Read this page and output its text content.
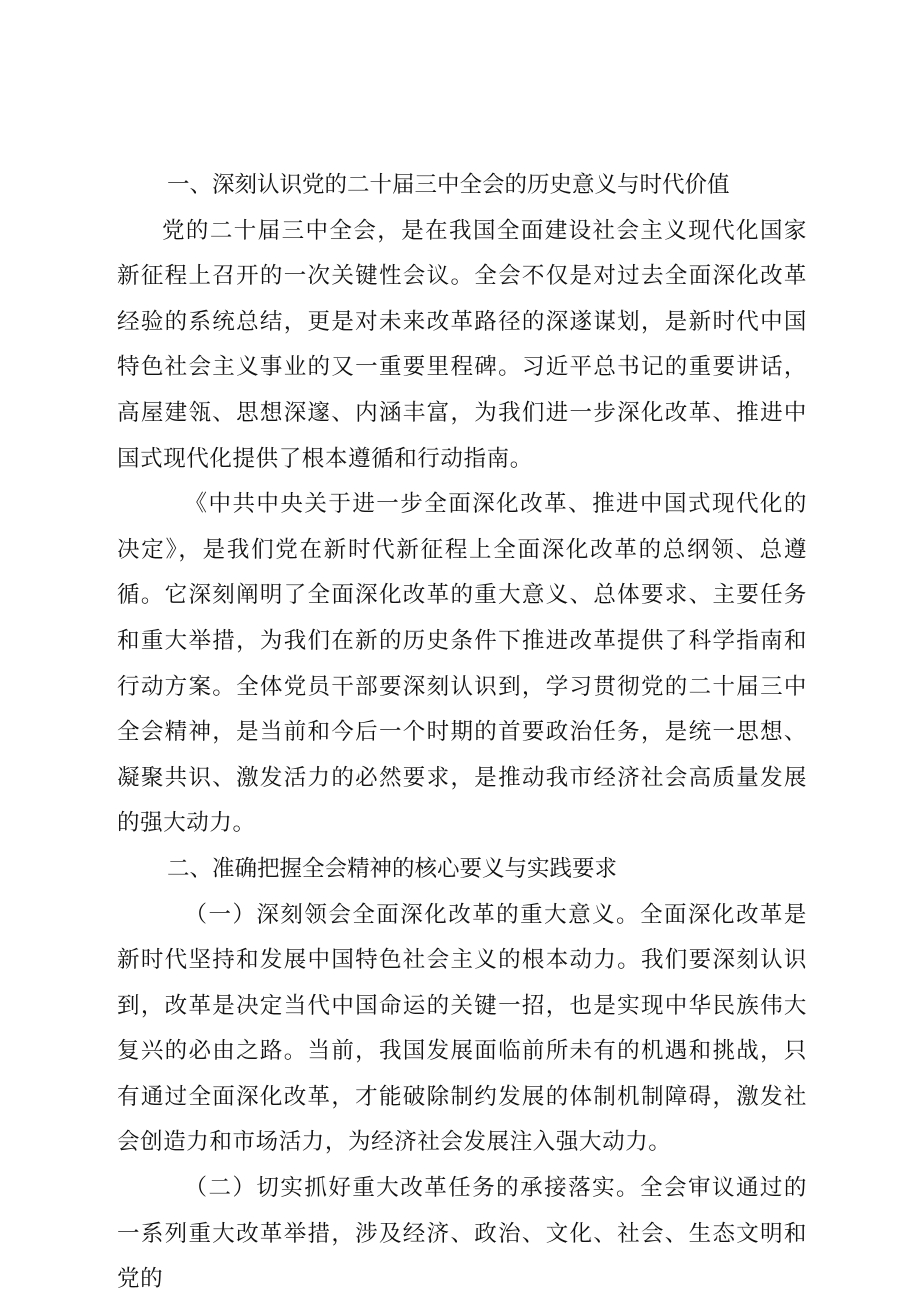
一、深刻认识党的二十届三中全会的历史意义与时代价值

党的二十届三中全会，是在我国全面建设社会主义现代化国家新征程上召开的一次关键性会议。全会不仅是对过去全面深化改革经验的系统总结，更是对未来改革路径的深遂谋划，是新时代中国特色社会主义事业的又一重要里程碑。习近平总书记的重要讲话，高屋建瓴、思想深邃、内涵丰富，为我们进一步深化改革、推进中国式现代化提供了根本遵循和行动指南。

《中共中央关于进一步全面深化改革、推进中国式现代化的决定》，是我们党在新时代新征程上全面深化改革的总纲领、总遵循。它深刻阐明了全面深化改革的重大意义、总体要求、主要任务和重大举措，为我们在新的历史条件下推进改革提供了科学指南和行动方案。全体党员干部要深刻认识到，学习贯彻党的二十届三中全会精神，是当前和今后一个时期的首要政治任务，是统一思想、凝聚共识、激发活力的必然要求，是推动我市经济社会高质量发展的强大动力。

二、准确把握全会精神的核心要义与实践要求

（一）深刻领会全面深化改革的重大意义。全面深化改革是新时代坚持和发展中国特色社会主义的根本动力。我们要深刻认识到，改革是决定当代中国命运的关键一招，也是实现中华民族伟大复兴的必由之路。当前，我国发展面临前所未有的机遇和挑战，只有通过全面深化改革，才能破除制约发展的体制机制障碍，激发社会创造力和市场活力，为经济社会发展注入强大动力。

（二）切实抓好重大改革任务的承接落实。全会审议通过的一系列重大改革举措，涉及经济、政治、文化、社会、生态文明和党的
